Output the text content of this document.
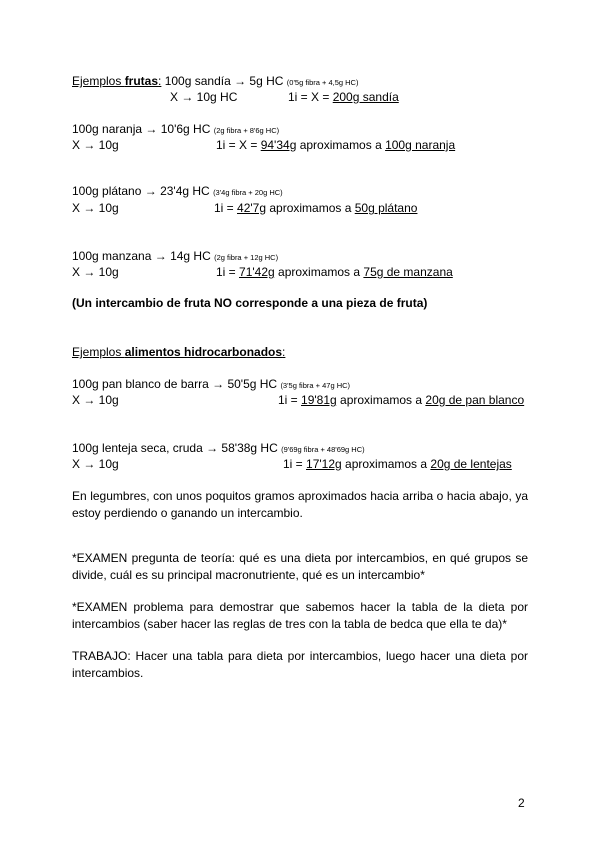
Ejemplos frutas: 100g sandía → 5g HC (0'5g fibra + 4,5g HC)
X → 10g HC	1i = X = 200g sandía
100g naranja → 10'6g HC (2g fibra + 8'6g HC)
X → 10g	1i = X = 94'34g aproximamos a 100g naranja
100g plátano → 23'4g HC (3'4g fibra + 20g HC)
X → 10g	1i = 42'7g aproximamos a 50g plátano
100g manzana → 14g HC (2g fibra + 12g HC)
X → 10g	1i = 71'42g aproximamos a 75g de manzana
(Un intercambio de fruta NO corresponde a una pieza de fruta)
Ejemplos alimentos hidrocarbonados:
100g pan blanco de barra → 50'5g HC (3'5g fibra + 47g HC)
X → 10g	1i = 19'81g aproximamos a 20g de pan blanco
100g lenteja seca, cruda → 58'38g HC (9'69g fibra + 48'69g HC)
X → 10g	1i = 17'12g aproximamos a 20g de lentejas
En legumbres, con unos poquitos gramos aproximados hacia arriba o hacia abajo, ya estoy perdiendo o ganando un intercambio.
*EXAMEN pregunta de teoría: qué es una dieta por intercambios, en qué grupos se divide, cuál es su principal macronutriente, qué es un intercambio*
*EXAMEN problema para demostrar que sabemos hacer la tabla de la dieta por intercambios (saber hacer las reglas de tres con la tabla de bedca que ella te da)*
TRABAJO: Hacer una tabla para dieta por intercambios, luego hacer una dieta por intercambios.
2
